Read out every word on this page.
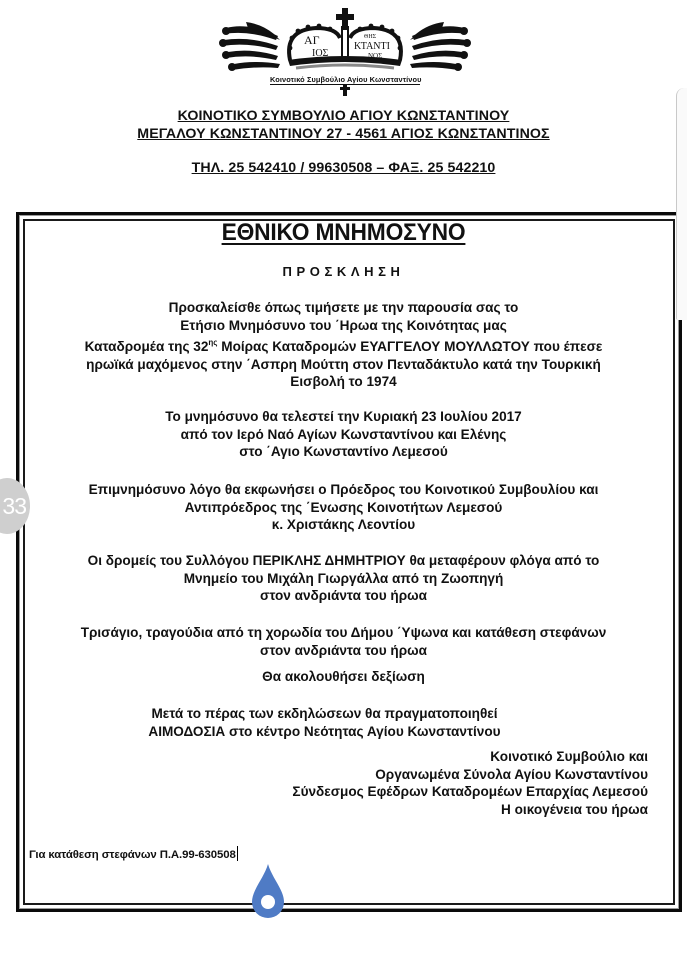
ΑΓ
ΙΟΣ
ΘΗΣ
ΚΤΑΝΤΙ
ΝΟΣ
Κοινοτικό Συμβούλιο Αγίου Κωνσταντίνου
ΚΟΙΝΟΤΙΚΟ ΣΥΜΒΟΥΛΙΟ ΑΓΙΟΥ ΚΩΝΣΤΑΝΤΙΝΟΥ
ΜΕΓΑΛΟΥ ΚΩΝΣΤΑΝΤΙΝΟΥ 27 - 4561 ΑΓΙΟΣ ΚΩΝΣΤΑΝΤΙΝΟΣ
ΤΗΛ. 25 542410 / 99630508 – ΦΑΞ. 25 542210
ΕΘΝΙΚΟ ΜΝΗΜΟΣΥΝΟ
ΠΡΟΣΚΛΗΣΗ
Προσκαλείσθε όπως τιμήσετε με την παρουσία σας το
Ετήσιο Μνημόσυνο του ΄Ηρωα της Κοινότητας μας
Καταδρομέα της $32^{\eta\varsigma}$ Μοίρας Καταδρομών ΕΥΑΓΓΕΛΟΥ ΜΟΥΛΛΩΤΟΥ που έπεσε
ηρωϊκά μαχόμενος στην ΄Ασπρη Μούττη στον Πενταδάκτυλο κατά την Τουρκική
Εισβολή το 1974
Το μνημόσυνο θα τελεστεί την Κυριακή 23 Ιουλίου 2017
από τον Ιερό Ναό Αγίων Κωνσταντίνου και Ελένης
στο ΄Αγιο Κωνσταντίνο Λεμεσού
Επιμνημόσυνο λόγο θα εκφωνήσει ο Πρόεδρος του Κοινοτικού Συμβουλίου και
Αντιπρόεδρος της ΄Ενωσης Κοινοτήτων Λεμεσού
κ. Χριστάκης Λεοντίου
Οι δρομείς του Συλλόγου ΠΕΡΙΚΛΗΣ ΔΗΜΗΤΡΙΟΥ θα μεταφέρουν φλόγα από το
Μνημείο του Μιχάλη Γιωργάλλα από τη Ζωοπηγή
στον ανδριάντα του ήρωα
Τρισάγιο, τραγούδια από τη χορωδία του Δήμου ΄Υψωνα και κατάθεση στεφάνων
στον ανδριάντα του ήρωα
Θα ακολουθήσει δεξίωση
Μετά το πέρας των εκδηλώσεων θα πραγματοποιηθεί
ΑΙΜΟΔΟΣΙΑ στο κέντρο Νεότητας Αγίου Κωνσταντίνου
Κοινοτικό Συμβούλιο και
Οργανωμένα Σύνολα Αγίου Κωνσταντίνου
Σύνδεσμος Εφέδρων Καταδρομέων Επαρχίας Λεμεσού
Η οικογένεια του ήρωα
Για κατάθεση στεφάνων Π.Α.99-630508
33
